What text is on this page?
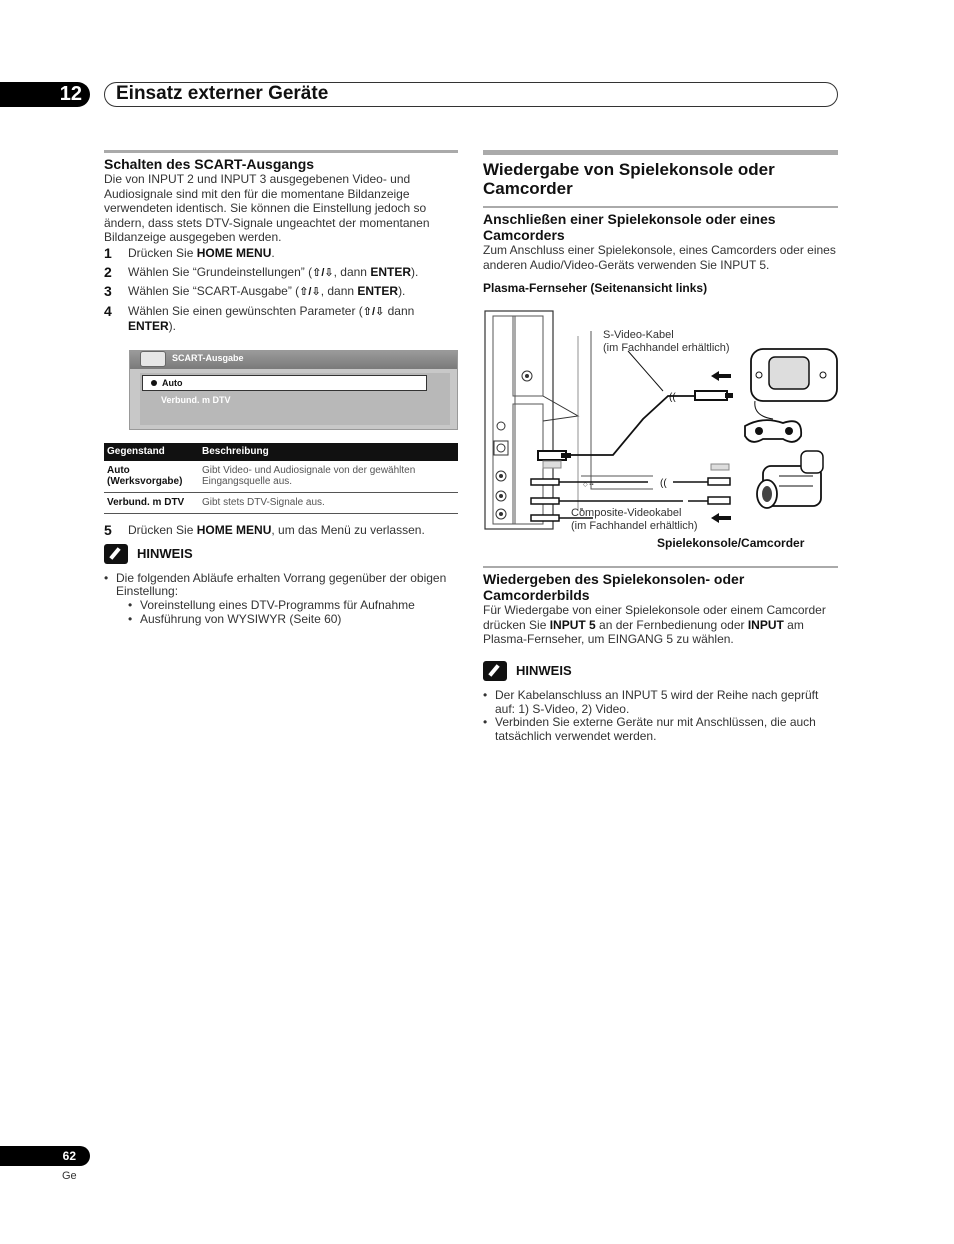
12	Einsatz externer Geräte
Schalten des SCART-Ausgangs

Die von INPUT 2 und INPUT 3 ausgegebenen Video- und Audiosignale sind mit den für die momentane Bildanzeige verwendeten identisch. Sie können die Einstellung jedoch so ändern, dass stets DTV-Signale ungeachtet der momentanen Bildanzeige ausgegeben werden.

1	Drücken Sie HOME MENU.
2	Wählen Sie “Grundeinstellungen” (⇧/⇩, dann ENTER).
3	Wählen Sie “SCART-Ausgabe” (⇧/⇩, dann ENTER).
4	Wählen Sie einen gewünschten Parameter (⇧/⇩ dann ENTER).
SCART-Ausgabe
Auto
Verbund. m DTV
Gegenstand	Beschreibung
Auto
(Werksvorgabe)	Gibt Video- und Audiosignale von der gewählten Eingangsquelle aus.
Verbund. m DTV	Gibt stets DTV-Signale aus.
5	Drücken Sie HOME MENU, um das Menü zu verlassen.
HINWEIS
• Die folgenden Abläufe erhalten Vorrang gegenüber der obigen Einstellung:
• Voreinstellung eines DTV-Programms für Aufnahme
• Ausführung von WYSIWYR (Seite 60)
Wiedergabe von Spielekonsole oder Camcorder
Anschließen einer Spielekonsole oder eines Camcorders

Zum Anschluss einer Spielekonsole, eines Camcorders oder eines anderen Audio/Video-Geräts verwenden Sie INPUT 5.

Plasma-Fernseher (Seitenansicht links)
◇ ▪▪
((
((
S-Video-Kabel
(im Fachhandel erhältlich)
Composite-Videokabel
(im Fachhandel erhältlich)
Spielekonsole/Camcorder
Wiedergeben des Spielekonsolen- oder Camcorderbilds

Für Wiedergabe von einer Spielekonsole oder einem Camcorder drücken Sie INPUT 5 an der Fernbedienung oder INPUT am Plasma-Fernseher, um EINGANG 5 zu wählen.

HINWEIS
• Der Kabelanschluss an INPUT 5 wird der Reihe nach geprüft auf: 1) S-Video, 2) Video.
• Verbinden Sie externe Geräte nur mit Anschlüssen, die auch tatsächlich verwendet werden.
62
Ge
